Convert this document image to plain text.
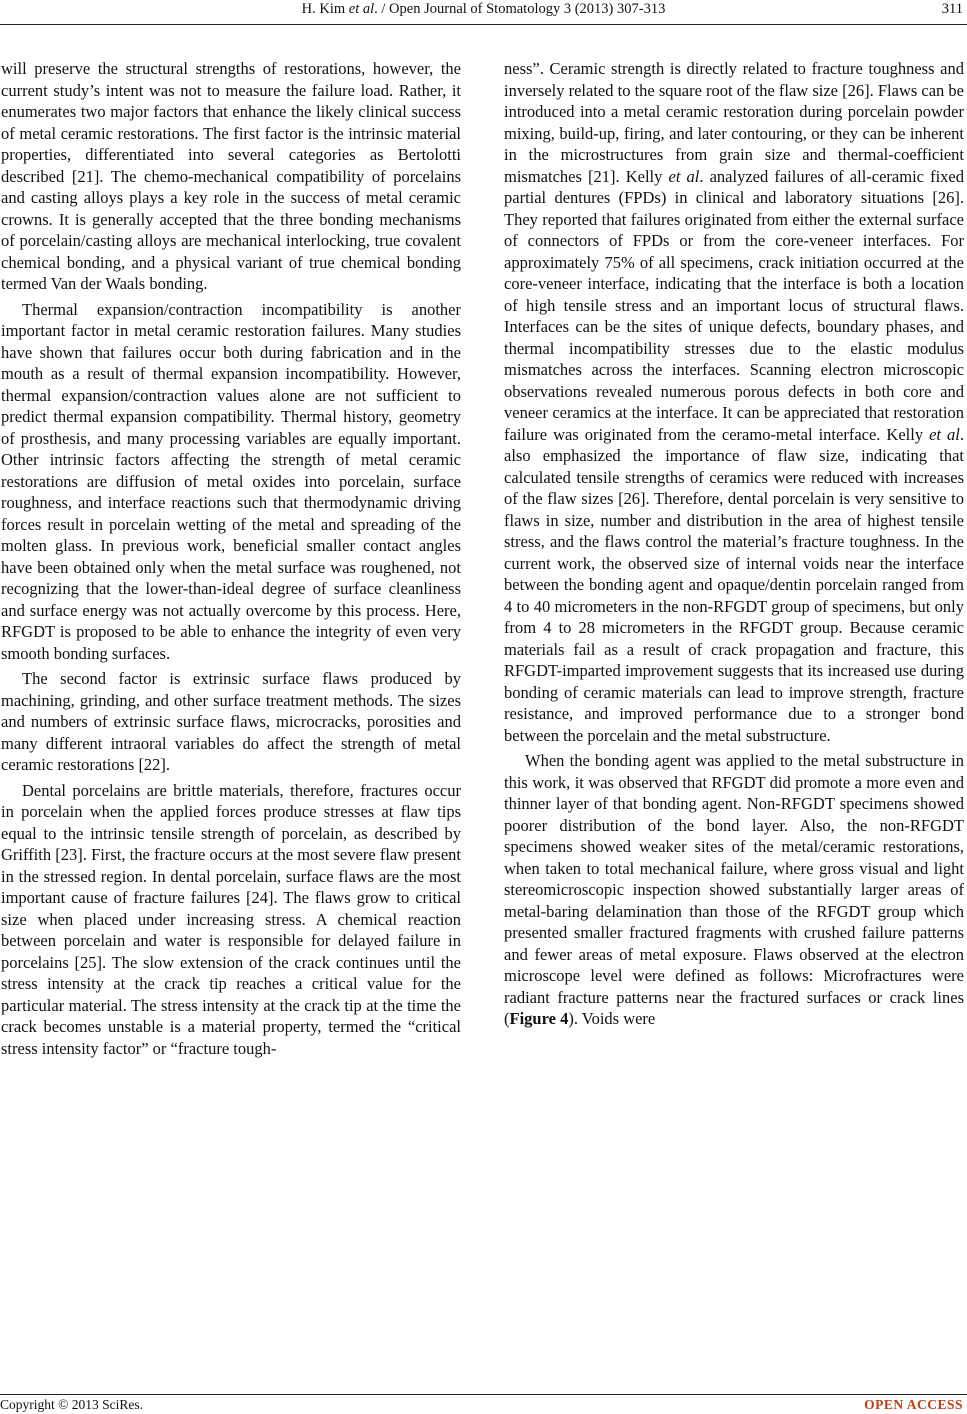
H. Kim et al. / Open Journal of Stomatology 3 (2013) 307-313	311

will preserve the structural strengths of restorations, however, the current study’s intent was not to measure the failure load. Rather, it enumerates two major factors that enhance the likely clinical success of metal ceramic restorations. The first factor is the intrinsic material properties, differentiated into several categories as Bertolotti described [21]. The chemo-mechanical compatibility of porcelains and casting alloys plays a key role in the success of metal ceramic crowns. It is generally accepted that the three bonding mechanisms of porcelain/casting alloys are mechanical interlocking, true covalent chemical bonding, and a physical variant of true chemical bonding termed Van der Waals bonding.

Thermal expansion/contraction incompatibility is another important factor in metal ceramic restoration failures. Many studies have shown that failures occur both during fabrication and in the mouth as a result of thermal expansion incompatibility. However, thermal expansion/contraction values alone are not sufficient to predict thermal expansion compatibility. Thermal history, geometry of prosthesis, and many processing variables are equally important. Other intrinsic factors affecting the strength of metal ceramic restorations are diffusion of metal oxides into porcelain, surface roughness, and interface reactions such that thermodynamic driving forces result in porcelain wetting of the metal and spreading of the molten glass. In previous work, beneficial smaller contact angles have been obtained only when the metal surface was roughened, not recognizing that the lower-than-ideal degree of surface cleanliness and surface energy was not actually overcome by this process. Here, RFGDT is proposed to be able to enhance the integrity of even very smooth bonding surfaces.

The second factor is extrinsic surface flaws produced by machining, grinding, and other surface treatment methods. The sizes and numbers of extrinsic surface flaws, microcracks, porosities and many different intraoral variables do affect the strength of metal ceramic restorations [22].

Dental porcelains are brittle materials, therefore, fractures occur in porcelain when the applied forces produce stresses at flaw tips equal to the intrinsic tensile strength of porcelain, as described by Griffith [23]. First, the fracture occurs at the most severe flaw present in the stressed region. In dental porcelain, surface flaws are the most important cause of fracture failures [24]. The flaws grow to critical size when placed under increasing stress. A chemical reaction between porcelain and water is responsible for delayed failure in porcelains [25]. The slow extension of the crack continues until the stress intensity at the crack tip reaches a critical value for the particular material. The stress intensity at the crack tip at the time the crack becomes unstable is a material property, termed the “critical stress intensity factor” or “fracture tough-

ness”. Ceramic strength is directly related to fracture toughness and inversely related to the square root of the flaw size [26]. Flaws can be introduced into a metal ceramic restoration during porcelain powder mixing, build-up, firing, and later contouring, or they can be inherent in the microstructures from grain size and thermal-coefficient mismatches [21]. Kelly et al. analyzed failures of all-ceramic fixed partial dentures (FPDs) in clinical and laboratory situations [26]. They reported that failures originated from either the external surface of connectors of FPDs or from the core-veneer interfaces. For approximately 75% of all specimens, crack initiation occurred at the core-veneer interface, indicating that the interface is both a location of high tensile stress and an important locus of structural flaws. Interfaces can be the sites of unique defects, boundary phases, and thermal incompatibility stresses due to the elastic modulus mismatches across the interfaces. Scanning electron microscopic observations revealed numerous porous defects in both core and veneer ceramics at the interface. It can be appreciated that restoration failure was originated from the ceramo-metal interface. Kelly et al. also emphasized the importance of flaw size, indicating that calculated tensile strengths of ceramics were reduced with increases of the flaw sizes [26]. Therefore, dental porcelain is very sensitive to flaws in size, number and distribution in the area of highest tensile stress, and the flaws control the material’s fracture toughness. In the current work, the observed size of internal voids near the interface between the bonding agent and opaque/dentin porcelain ranged from 4 to 40 micrometers in the non-RFGDT group of specimens, but only from 4 to 28 micrometers in the RFGDT group. Because ceramic materials fail as a result of crack propagation and fracture, this RFGDT-imparted improvement suggests that its increased use during bonding of ceramic materials can lead to improve strength, fracture resistance, and improved performance due to a stronger bond between the porcelain and the metal substructure.

When the bonding agent was applied to the metal substructure in this work, it was observed that RFGDT did promote a more even and thinner layer of that bonding agent. Non-RFGDT specimens showed poorer distribution of the bond layer. Also, the non-RFGDT specimens showed weaker sites of the metal/ceramic restorations, when taken to total mechanical failure, where gross visual and light stereomicroscopic inspection showed substantially larger areas of metal-baring delamination than those of the RFGDT group which presented smaller fractured fragments with crushed failure patterns and fewer areas of metal exposure. Flaws observed at the electron microscope level were defined as follows: Microfractures were radiant fracture patterns near the fractured surfaces or crack lines (Figure 4). Voids were

Copyright © 2013 SciRes.	OPEN ACCESS
